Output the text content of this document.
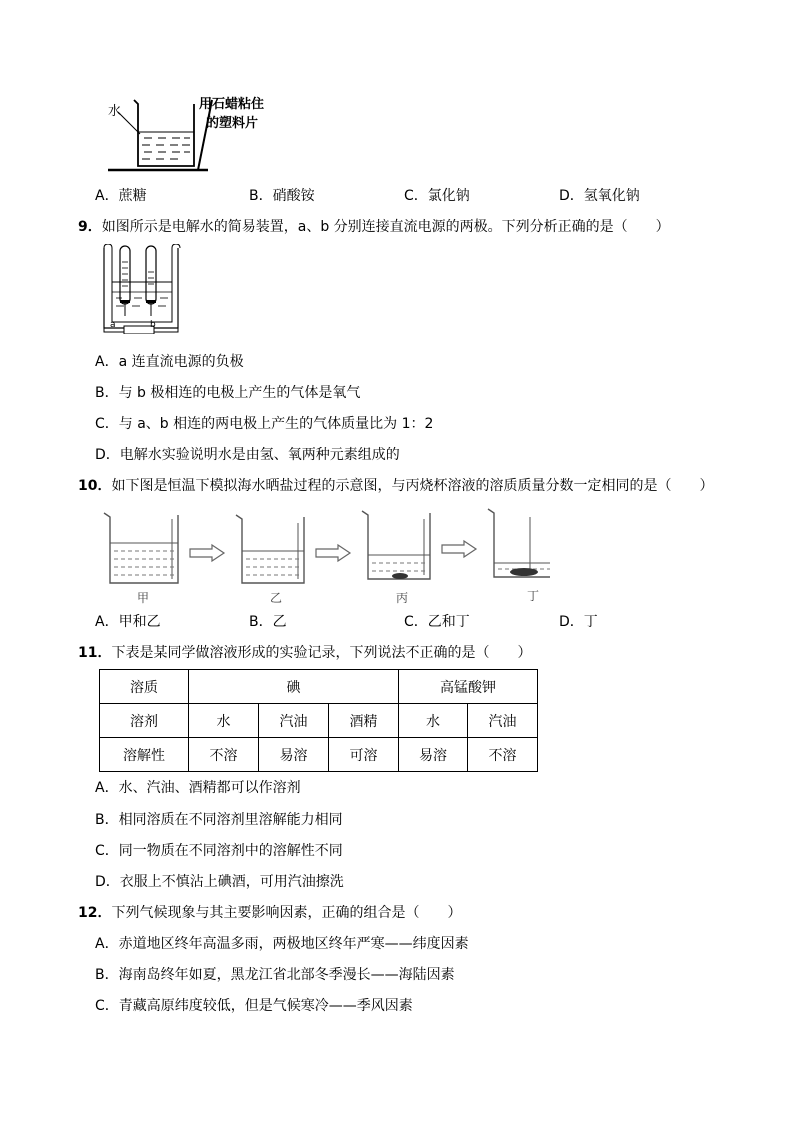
水	用石蜡粘住
的塑料片
A．蔗糖	B．硝酸铵	C．氯化钠	D．氢氧化钠
9．如图所示是电解水的简易装置，a、b 分别连接直流电源的两极。下列分析正确的是（　　）
a	b
A．a 连直流电源的负极
B．与 b 极相连的电极上产生的气体是氧气
C．与 a、b 相连的两电极上产生的气体质量比为 1：2
D．电解水实验说明水是由氢、氧两种元素组成的
10．如下图是恒温下模拟海水晒盐过程的示意图，与丙烧杯溶液的溶质质量分数一定相同的是（　　）
甲	乙	丙	丁
A．甲和乙	B．乙	C．乙和丁	D．丁
11．下表是某同学做溶液形成的实验记录，下列说法不正确的是（　　）
溶质	碘			高锰酸钾	
溶剂	水	汽油	酒精	水	汽油
溶解性	不溶	易溶	可溶	易溶	不溶
A．水、汽油、酒精都可以作溶剂
B．相同溶质在不同溶剂里溶解能力相同
C．同一物质在不同溶剂中的溶解性不同
D．衣服上不慎沾上碘酒，可用汽油擦洗
12．下列气候现象与其主要影响因素，正确的组合是（　　）
A．赤道地区终年高温多雨，两极地区终年严寒——纬度因素
B．海南岛终年如夏，黑龙江省北部冬季漫长——海陆因素
C．青藏高原纬度较低，但是气候寒冷——季风因素
